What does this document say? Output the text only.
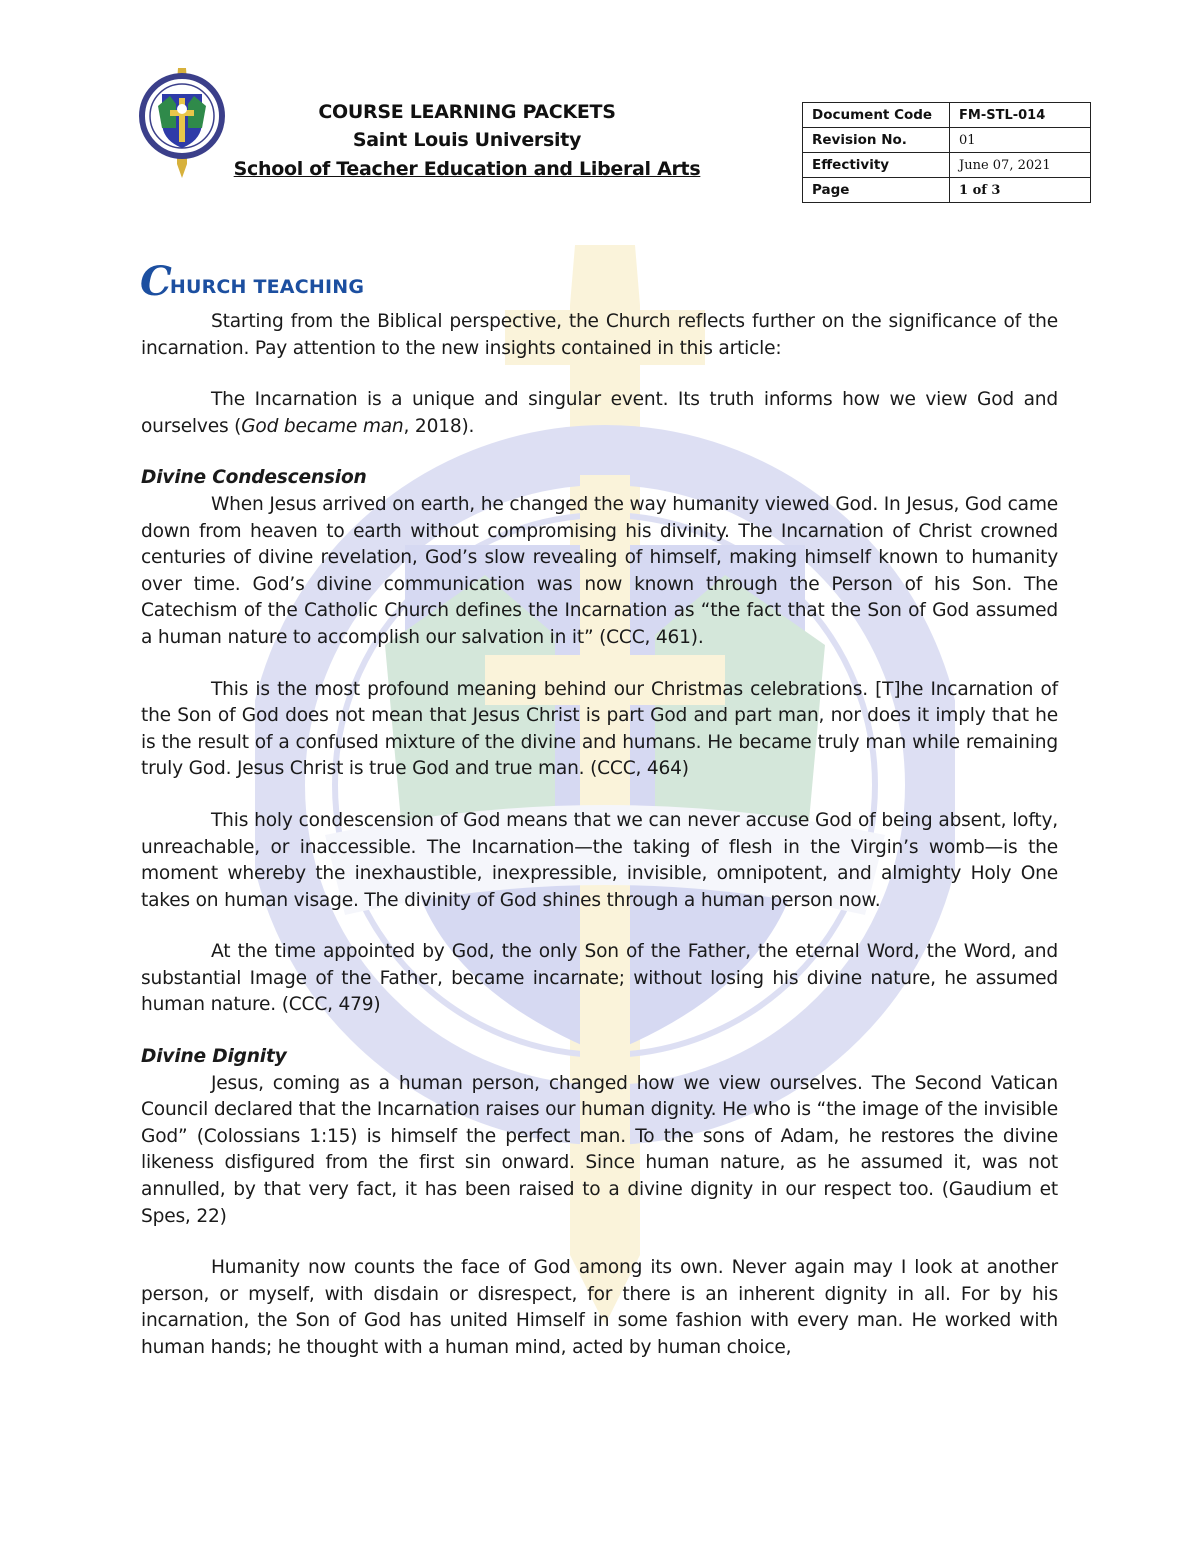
COURSE LEARNING PACKETS
Saint Louis University
School of Teacher Education and Liberal Arts
Document Code	FM-STL-014
Revision No.	01
Effectivity	June 07, 2021
Page	1 of 3
C
HURCH TEACHING

Starting from the Biblical perspective, the Church reflects further on the significance of the incarnation. Pay attention to the new insights contained in this article:

The Incarnation is a unique and singular event. Its truth informs how we view God and ourselves (God became man, 2018).

Divine Condescension

When Jesus arrived on earth, he changed the way humanity viewed God. In Jesus, God came down from heaven to earth without compromising his divinity. The Incarnation of Christ crowned centuries of divine revelation, God’s slow revealing of himself, making himself known to humanity over time. God’s divine communication was now known through the Person of his Son. The Catechism of the Catholic Church defines the Incarnation as “the fact that the Son of God assumed a human nature to accomplish our salvation in it” (CCC, 461).

This is the most profound meaning behind our Christmas celebrations. [T]he Incarnation of the Son of God does not mean that Jesus Christ is part God and part man, nor does it imply that he is the result of a confused mixture of the divine and humans. He became truly man while remaining truly God. Jesus Christ is true God and true man. (CCC, 464)

This holy condescension of God means that we can never accuse God of being absent, lofty, unreachable, or inaccessible. The Incarnation—the taking of flesh in the Virgin’s womb—is the moment whereby the inexhaustible, inexpressible, invisible, omnipotent, and almighty Holy One takes on human visage. The divinity of God shines through a human person now.

At the time appointed by God, the only Son of the Father, the eternal Word, the Word, and substantial Image of the Father, became incarnate; without losing his divine nature, he assumed human nature. (CCC, 479)

Divine Dignity

Jesus, coming as a human person, changed how we view ourselves. The Second Vatican Council declared that the Incarnation raises our human dignity. He who is “the image of the invisible God” (Colossians 1:15) is himself the perfect man. To the sons of Adam, he restores the divine likeness disfigured from the first sin onward. Since human nature, as he assumed it, was not annulled, by that very fact, it has been raised to a divine dignity in our respect too. (Gaudium et Spes, 22)

Humanity now counts the face of God among its own. Never again may I look at another person, or myself, with disdain or disrespect, for there is an inherent dignity in all. For by his incarnation, the Son of God has united Himself in some fashion with every man. He worked with human hands; he thought with a human mind, acted by human choice,
